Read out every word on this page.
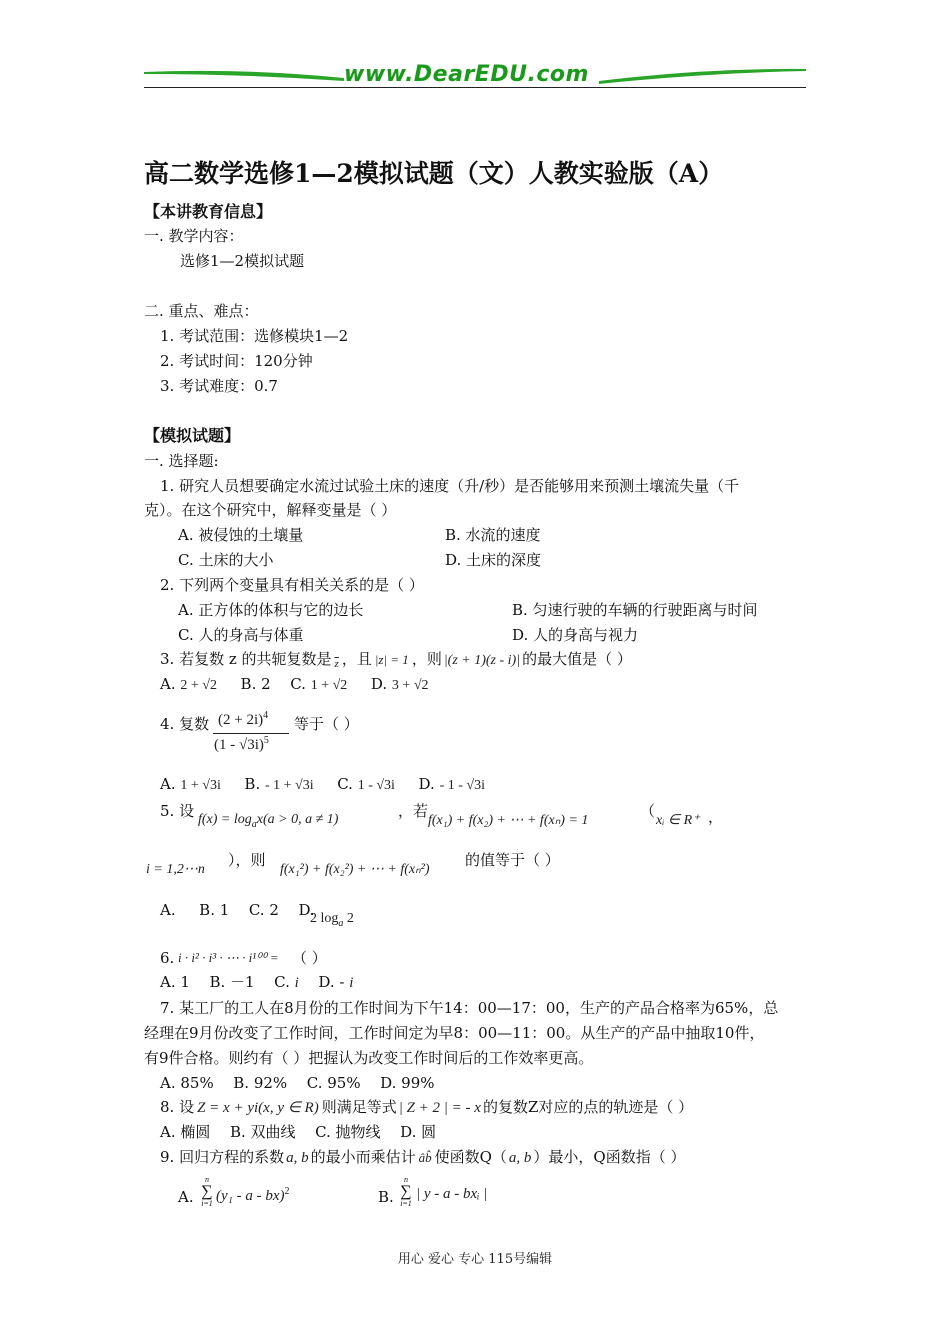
www.DearEDU.com
高二数学选修1—2模拟试题（文）人教实验版（A）
【本讲教育信息】
一. 教学内容：
选修1—2模拟试题
二. 重点、难点：
1. 考试范围：选修模块1—2
2. 考试时间：120分钟
3. 考试难度：0.7
【模拟试题】
一. 选择题:
1. 研究人员想要确定水流过试验土床的速度（升/秒）是否能够用来预测土壤流失量（千
克）。在这个研究中，解释变量是（ ）
A. 被侵蚀的土壤量	B. 水流的速度
C. 土床的大小	D. 土床的深度
2. 下列两个变量具有相关关系的是（ ）
A. 正方体的体积与它的边长	B. 匀速行驶的车辆的行驶距离与时间
C. 人的身高与体重	D. 人的身高与视力
3. 若复数 z 的共轭复数是 $_{\overline{z}}$ ，且 |z| = 1 ，则 |(z + 1)(z - i)| 的最大值是（ ）
A. 2 + √2 B. 2 C. 1 + √2 D. 3 + √2
4. 复数 $(2 + 2i)^4$
(1 - √3i)$^5$
等于（ ）
A. 1 + √3i B. - 1 + √3i C. 1 - √3i D. - 1 - √3i
5. 设 $f(x) = \log_ax(a > 0$, a ≠ 1)	，若
f(x₁) + f(x₂) + ⋯ + f(xₙ) = 1
（
xᵢ ∈ R⁺ ，
i = 1,2⋯n
），则
f(x₁²) + f(x₂²) + ⋯ + f(xₙ²)
的值等于（ ）
A. B. 1 C. 2 D.
2 $\log_a 2$
6. i · i² · i³ · ⋯ · i¹⁰⁰ = （ ）
A. 1 B. －1 C. i D. - i
7. 某工厂的工人在8月份的工作时间为下午14：00—17：00，生产的产品合格率为65%，总
经理在9月份改变了工作时间，工作时间定为早8：00—11：00。从生产的产品中抽取10件，
有9件合格。则约有（ ）把握认为改变工作时间后的工作效率更高。
A. 85% B. 92% C. 95% D. 99%
8. 设 Z = x + yi(x, y ∈ R) 则满足等式 | Z + 2 | = - x 的复数Z对应的点的轨迹是（ ）
A. 椭圆 B. 双曲线 C. 抛物线 D. 圆
9. 回归方程的系数 a, b 的最小而乘估计 âb̂ 使函数Q（ a, b ）最小，Q函数指（ ）
A.
n
∑
i=1 (y₁ - a - bx)$^2$	B.
n
∑
i=1
| y - a - bxᵢ |
用心 爱心 专心 115号编辑
